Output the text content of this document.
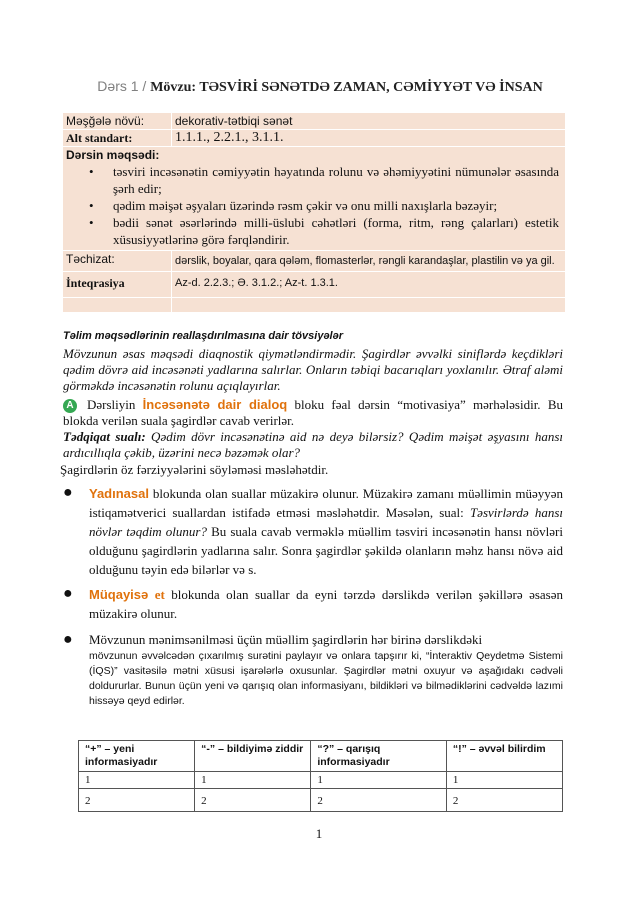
Dərs 1 / Mövzu: TƏSVİRİ SƏNƏTDƏ ZAMAN, CƏMİYYƏT VƏ İNSAN
Məşğələ növü:	dekorativ-tətbiqi sənət
Alt standart:	1.1.1., 2.2.1., 3.1.1.
Dərsin məqsədi:
• təsviri incəsənətin cəmiyyətin həyatında rolunu və əhəmiyyətini nümunələr əsasında şərh edir;
• qədim məişət əşyaları üzərində rəsm çəkir və onu milli naxışlarla bəzəyir;
• bədii sənət əsərlərində milli-üslubi cəhətləri (forma, ritm, rəng çalarları) estetik xüsusiyyətlərinə görə fərqləndirir.
Təchizat:	dərslik, boyalar, qara qələm, flomasterlər, rəngli karandaşlar, plastilin və ya gil.
İnteqrasiya	Az-d. 2.2.3.; Ə. 3.1.2.; Az-t. 1.3.1.

Təlim məqsədlərinin reallaşdırılmasına dair tövsiyələr

Mövzunun əsas məqsədi diaqnostik qiymətləndirmədir. Şagirdlər əvvəlki siniflərdə keçdikləri qədim dövrə aid incəsənəti yadlarına salırlar. Onların təbiqi bacarıqları yoxlanılır. Ətraf aləmi görməkdə incəsənətin rolunu açıqlayırlar.

A Dərsliyin İncəsənətə dair dialoq bloku fəal dərsin “motivasiya” mərhələsidir. Bu blokda verilən suala şagirdlər cavab verirlər.

Tədqiqat sualı: Qədim dövr incəsənətinə aid nə deyə bilərsiz? Qədim məişət əşyasını hansı ardıcıllıqla çəkib, üzərini necə bəzəmək olar?

Şagirdlərin öz fərziyyələrini söyləməsi məsləhətdir.

● Yadınasal blokunda olan suallar müzakirə olunur. Müzakirə zamanı müəllimin müəyyən istiqamətverici suallardan istifadə etməsi məsləhətdir. Məsələn, sual: Təsvirlərdə hansı növlər təqdim olunur? Bu suala cavab verməklə müəllim təsviri incəsənətin hansı növləri olduğunu şagirdlərin yadlarına salır. Sonra şagirdlər şəkildə olanların məhz hansı növə aid olduğunu təyin edə bilərlər və s.

● Müqayisə et blokunda olan suallar da eyni tərzdə dərslikdə verilən şəkillərə əsasən müzakirə olunur.

● Mövzunun mənimsənilməsi üçün müəllim şagirdlərin hər birinə dərslikdəki

mövzunun əvvəlcədən çıxarılmış surətini paylayır və onlara tapşırır ki, “İnteraktiv Qeydetmə Sistemi (İQS)” vasitəsilə mətni xüsusi işarələrlə oxusunlar. Şagirdlər mətni oxuyur və aşağıdakı cədvəli doldururlar. Bunun üçün yeni və qarışıq olan informasiyanı, bildikləri və bilmədiklərini cədvəldə lazımi hissəyə qeyd edirlər.

“+” – yeni informasiyadır	“-” – bildiyimə ziddir	“?” – qarışıq informasiyadır	“!” – əvvəl bilirdim
1	1	1	1
2	2	2	2
1
